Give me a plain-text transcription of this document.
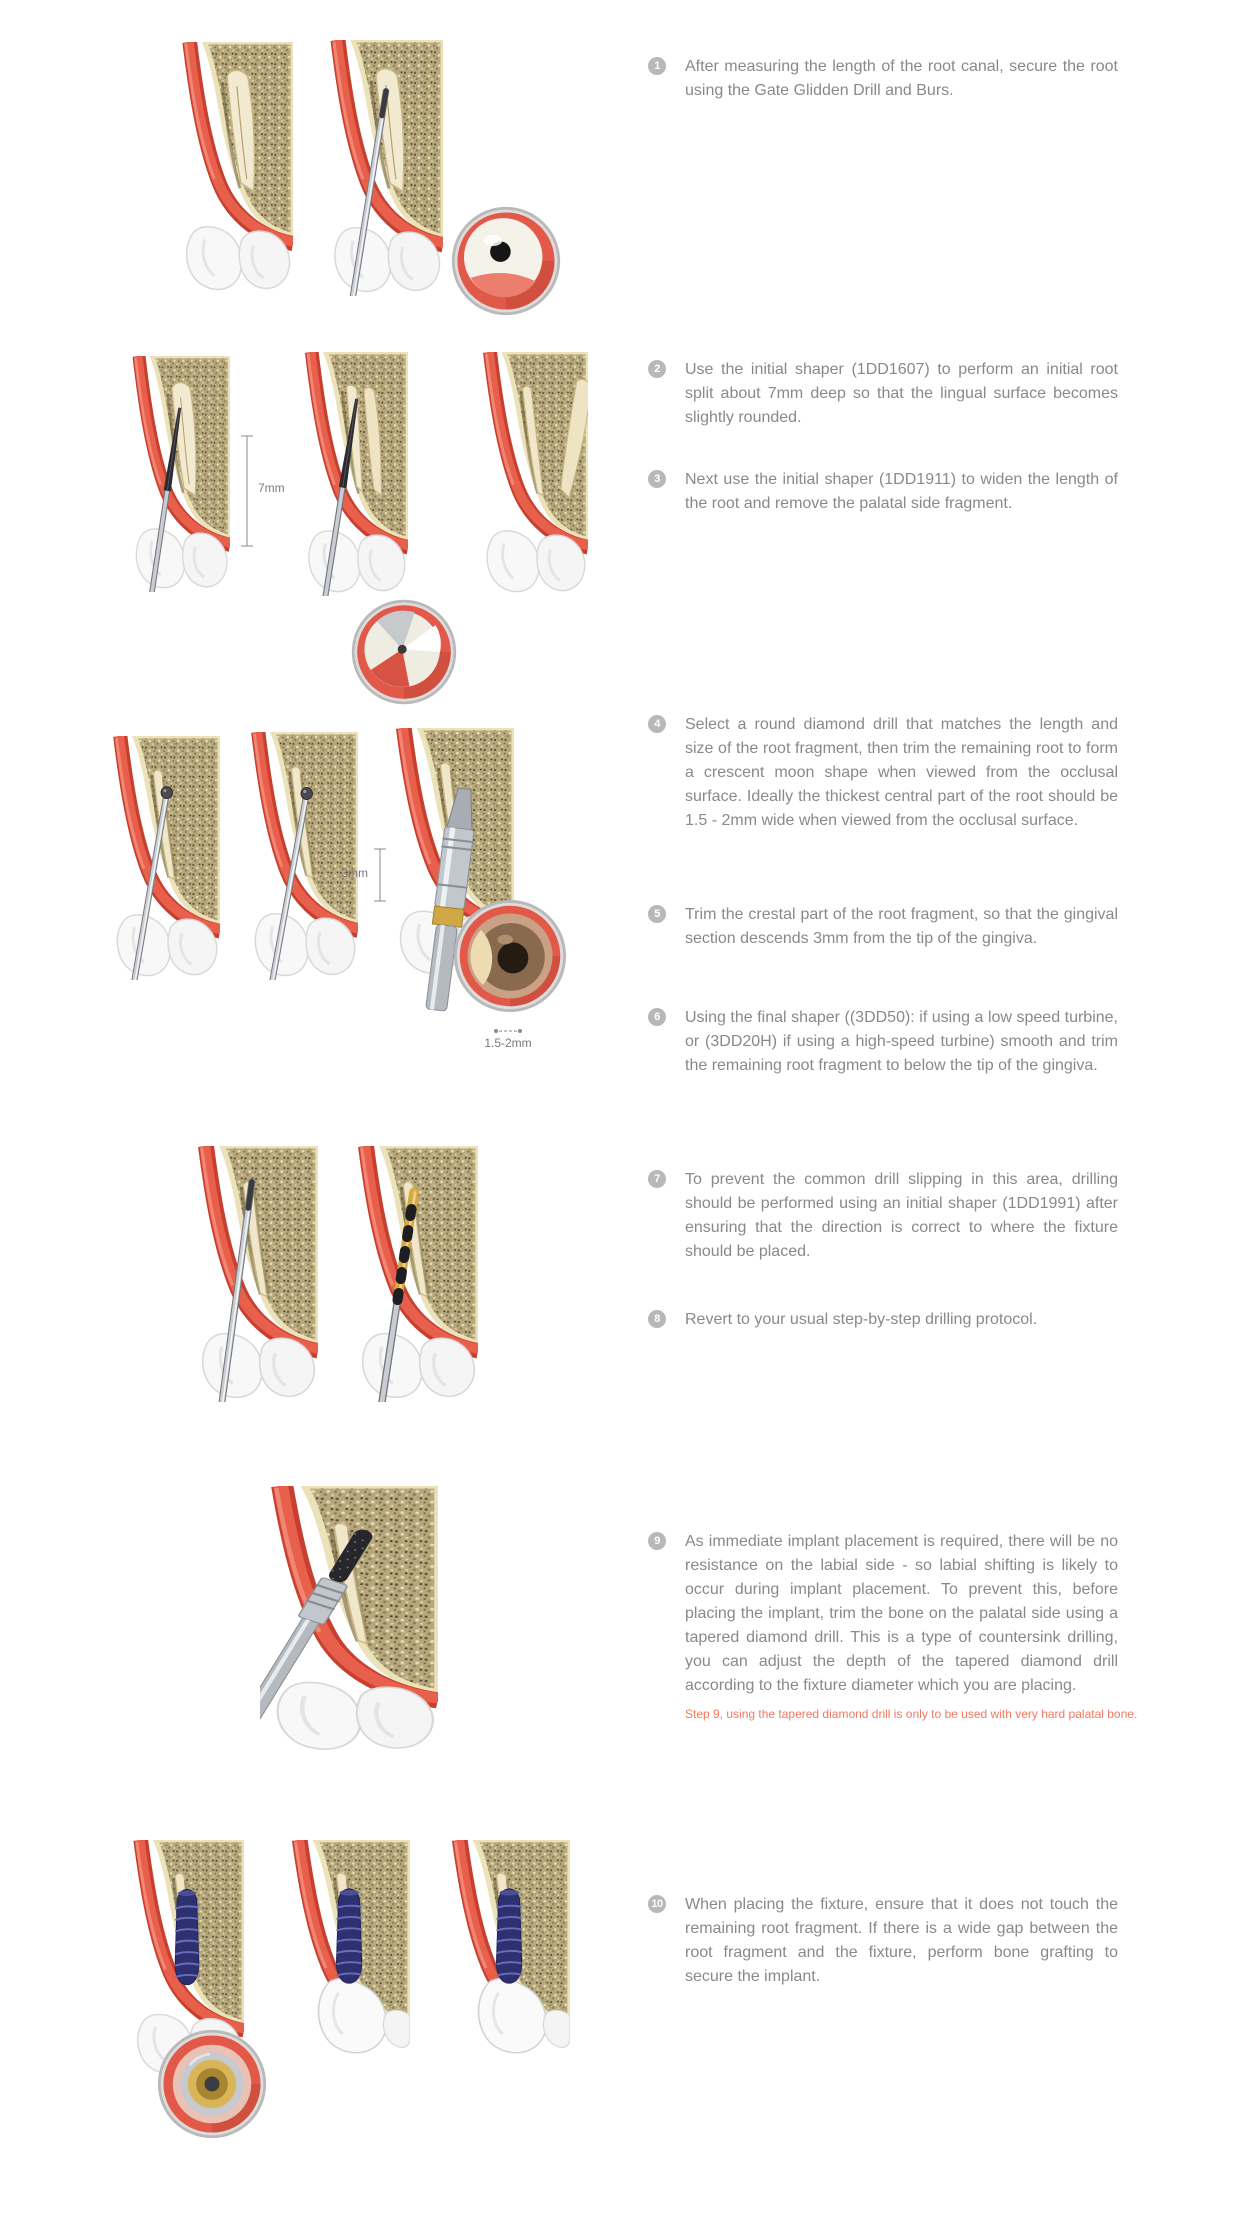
7mm
3mm
1.5-2mm
1	After measuring the length of the root canal, secure the root using the Gate Glidden Drill and Burs.

2	Use the initial shaper (1DD1607) to perform an initial root split about 7mm deep so that the lingual surface becomes slightly rounded.

3	Next use the initial shaper (1DD1911) to widen the length of the root and remove the palatal side fragment.

4	Select a round diamond drill that matches the length and size of the root fragment, then trim the remaining root to form a crescent moon shape when viewed from the occlusal surface. Ideally the thickest central part of the root should be 1.5 - 2mm wide when viewed from the occlusal surface.

5	Trim the crestal part of the root fragment, so that the gingival section descends 3mm from the tip of the gingiva.

6	Using the final shaper ((3DD50): if using a low speed turbine, or (3DD20H) if using a high-speed turbine) smooth and trim the remaining root fragment to below the tip of the gingiva.

7	To prevent the common drill slipping in this area, drilling should be performed using an initial shaper (1DD1991) after ensuring that the direction is correct to where the fixture should be placed.

8	Revert to your usual step-by-step drilling protocol.

9	As immediate implant placement is required, there will be no resistance on the labial side - so labial shifting is likely to occur during implant placement. To prevent this, before placing the implant, trim the bone on the palatal side using a tapered diamond drill. This is a type of countersink drilling, you can adjust the depth of the tapered diamond drill according to the fixture diameter which you are placing.

Step 9, using the tapered diamond drill is only to be used with very hard palatal bone.

10 When placing the fixture, ensure that it does not touch the remaining root fragment. If there is a wide gap between the root fragment and the fixture, perform bone grafting to secure the implant.
